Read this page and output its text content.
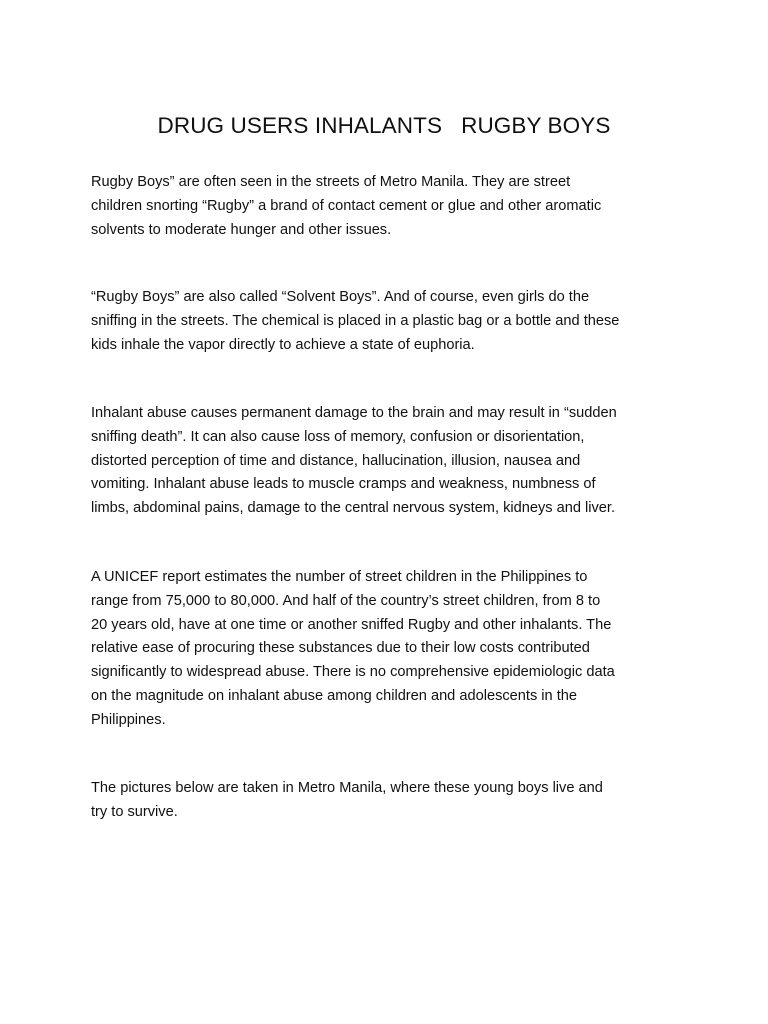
DRUG USERS INHALANTS   RUGBY BOYS

Rugby Boys” are often seen in the streets of Metro Manila. They are street
children snorting “Rugby” a brand of contact cement or glue and other aromatic
solvents to moderate hunger and other issues.

“Rugby Boys” are also called “Solvent Boys”. And of course, even girls do the
sniffing in the streets. The chemical is placed in a plastic bag or a bottle and these
kids inhale the vapor directly to achieve a state of euphoria.

Inhalant abuse causes permanent damage to the brain and may result in “sudden
sniffing death”. It can also cause loss of memory, confusion or disorientation,
distorted perception of time and distance, hallucination, illusion, nausea and
vomiting. Inhalant abuse leads to muscle cramps and weakness, numbness of
limbs, abdominal pains, damage to the central nervous system, kidneys and liver.

A UNICEF report estimates the number of street children in the Philippines to
range from 75,000 to 80,000. And half of the country’s street children, from 8 to
20 years old, have at one time or another sniffed Rugby and other inhalants. The
relative ease of procuring these substances due to their low costs contributed
significantly to widespread abuse. There is no comprehensive epidemiologic data
on the magnitude on inhalant abuse among children and adolescents in the
Philippines.

The pictures below are taken in Metro Manila, where these young boys live and
try to survive.
